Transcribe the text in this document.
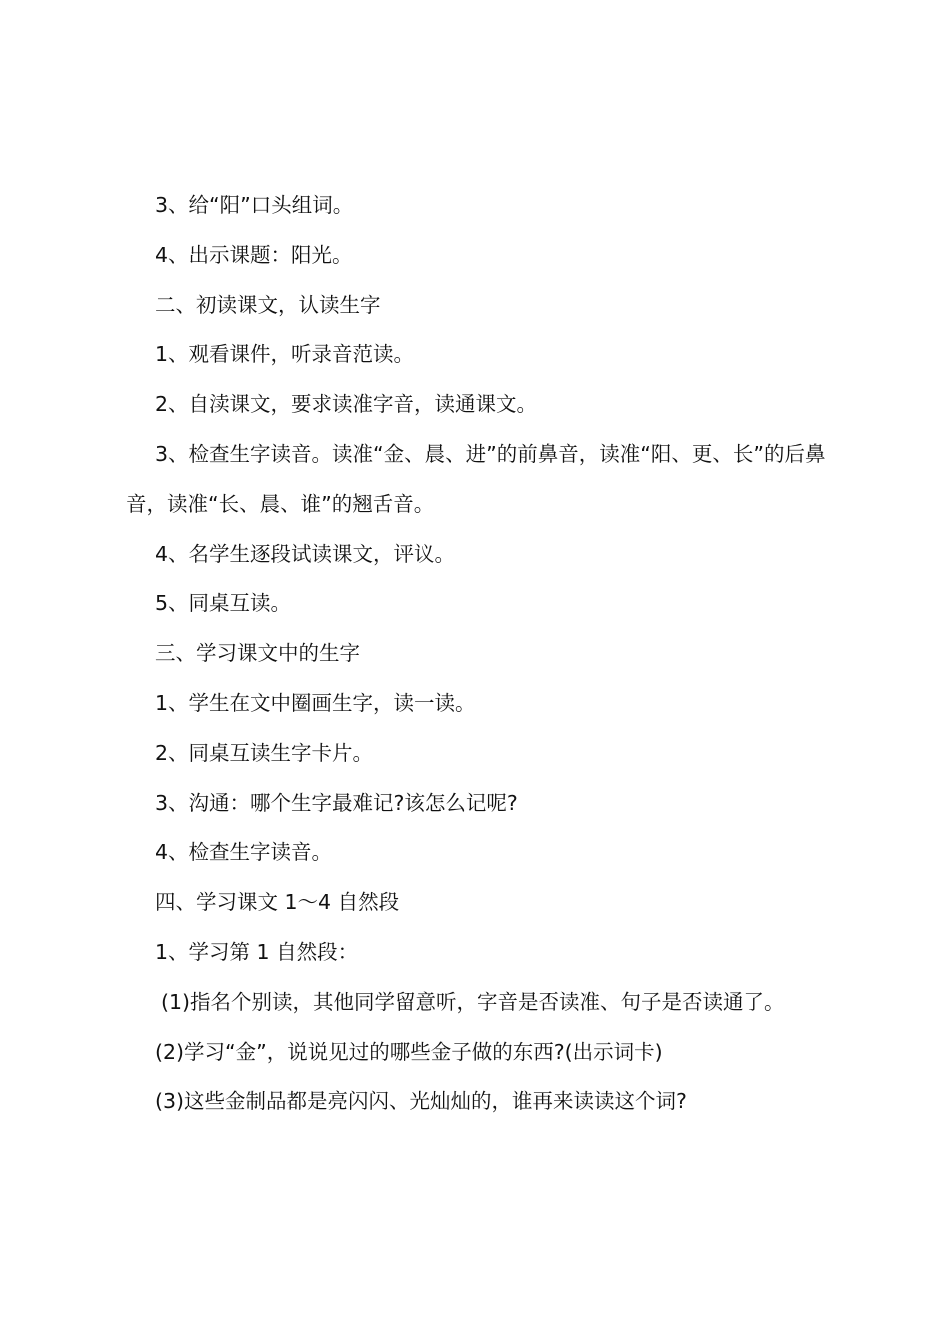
3、给“阳”口头组词。

4、出示课题：阳光。

二、初读课文，认读生字

1、观看课件，听录音范读。

2、自渎课文，要求读准字音，读通课文。

3、检查生字读音。读准“金、晨、进”的前鼻音，读准“阳、更、长”的后鼻音，读准“长、晨、谁”的翘舌音。

4、名学生逐段试读课文，评议。

5、同桌互读。

三、学习课文中的生字

1、学生在文中圈画生字，读一读。

2、同桌互读生字卡片。

3、沟通：哪个生字最难记?该怎么记呢?

4、检查生字读音。

四、学习课文 1～4 自然段

1、学习第 1 自然段：

(1)指名个别读，其他同学留意听，字音是否读准、句子是否读通了。

(2)学习“金”，说说见过的哪些金子做的东西?(出示词卡)

(3)这些金制品都是亮闪闪、光灿灿的，谁再来读读这个词?
